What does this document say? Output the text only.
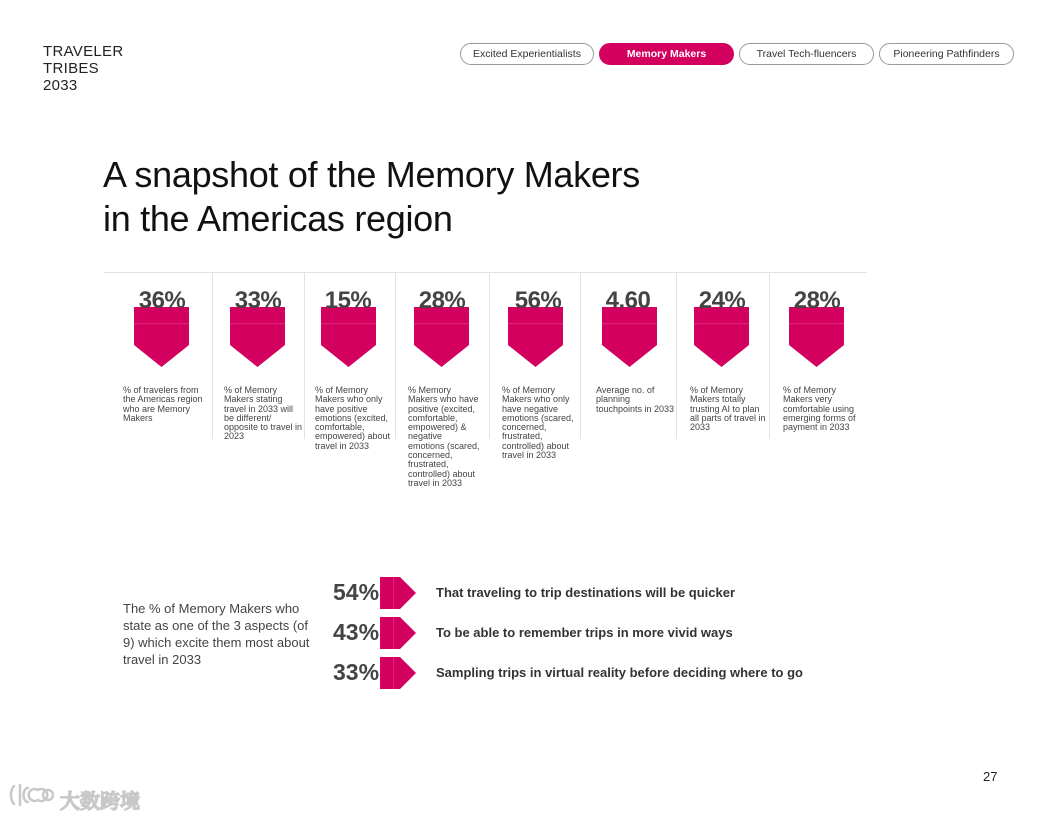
TRAVELER
TRIBES
2033
Excited Experientialists	Memory Makers	Travel Tech-fluencers	Pioneering Pathfinders
A snapshot of the Memory Makers
in the Americas region
36%
% of travelers from the Americas region who are Memory Makers
33%
% of Memory Makers stating travel in 2033 will be different/ opposite to travel in 2023
15%
% of Memory Makers who only have positive emotions (excited, comfortable, empowered) about travel in 2033
28%
% Memory Makers who have positive (excited, comfortable, empowered) & negative emotions (scared, concerned, frustrated, controlled) about travel in 2033
56%
% of Memory Makers who only have negative emotions (scared, concerned, frustrated, controlled) about travel in 2033
4.60
Average no. of planning touchpoints in 2033
24%
% of Memory Makers totally trusting AI to plan all parts of travel in 2033
28%
% of Memory Makers very comfortable using emerging forms of payment in 2033
The % of Memory Makers who state as one of the 3 aspects (of 9) which excite them most about travel in 2033
54%	That traveling to trip destinations will be quicker
43%	To be able to remember trips in more vivid ways
33%	Sampling trips in virtual reality before deciding where to go
27
大数跨境
